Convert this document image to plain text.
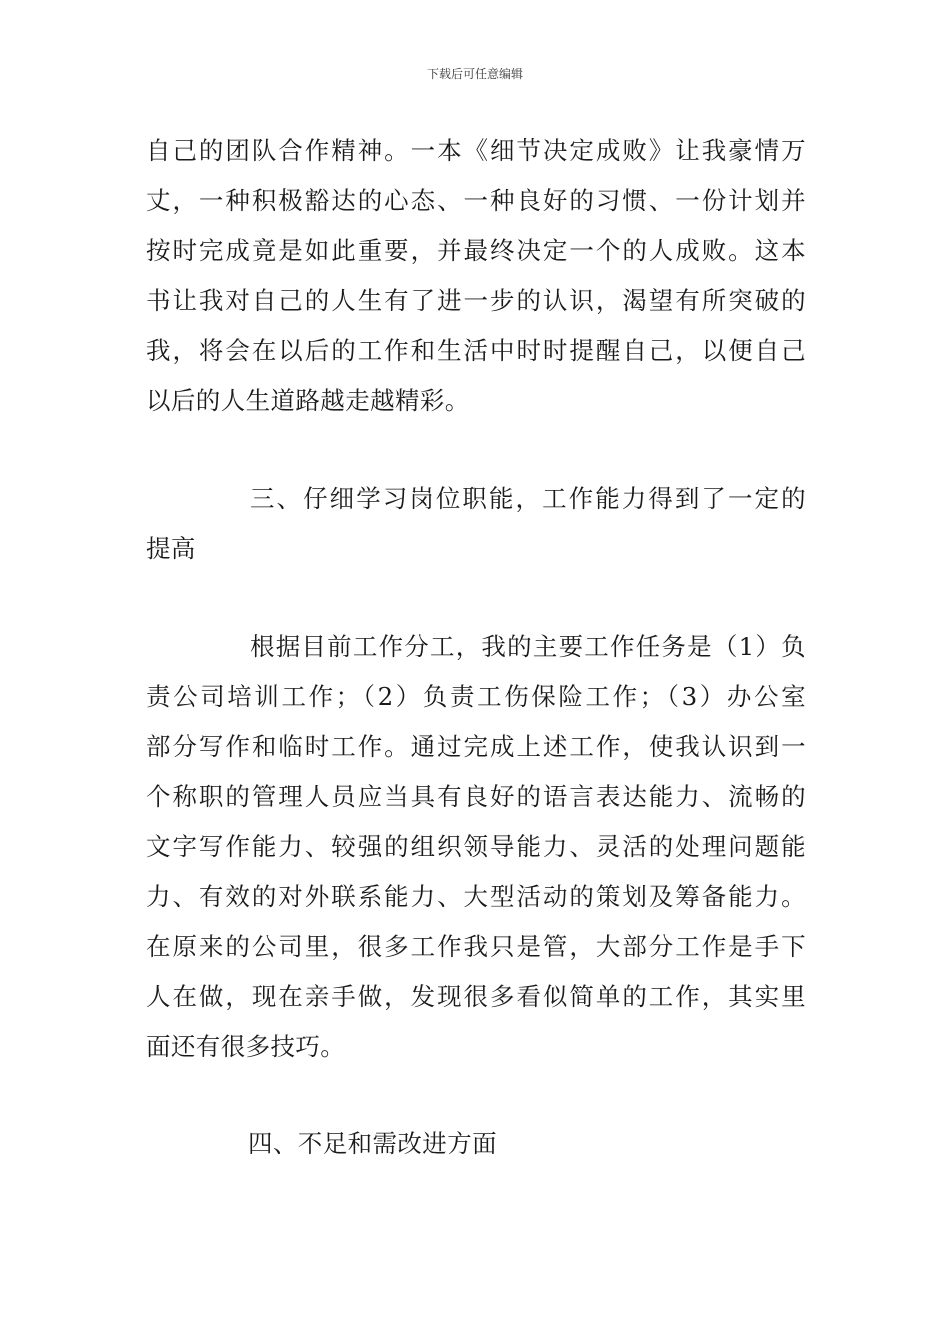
下载后可任意编辑
自己的团队合作精神。一本《细节决定成败》让我豪情万
丈，一种积极豁达的心态、一种良好的习惯、一份计划并
按时完成竟是如此重要，并最终决定一个的人成败。这本
书让我对自己的人生有了进一步的认识，渴望有所突破的
我，将会在以后的工作和生活中时时提醒自己，以便自己
以后的人生道路越走越精彩。
三、仔细学习岗位职能，工作能力得到了一定的
提高
根据目前工作分工，我的主要工作任务是（1）负
责公司培训工作；（2）负责工伤保险工作；（3）办公室
部分写作和临时工作。通过完成上述工作，使我认识到一
个称职的管理人员应当具有良好的语言表达能力、流畅的
文字写作能力、较强的组织领导能力、灵活的处理问题能
力、有效的对外联系能力、大型活动的策划及筹备能力。
在原来的公司里，很多工作我只是管，大部分工作是手下
人在做，现在亲手做，发现很多看似简单的工作，其实里
面还有很多技巧。
四、不足和需改进方面
